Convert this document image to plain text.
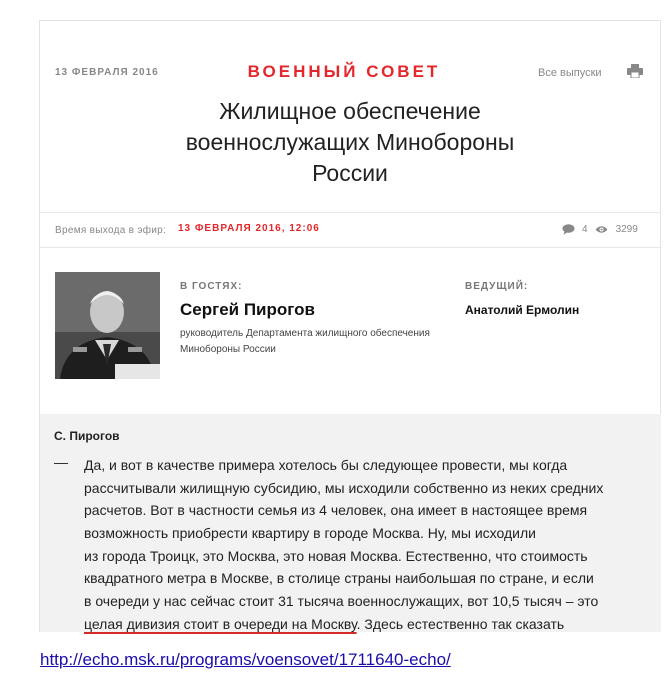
13 ФЕВРАЛЯ 2016	ВОЕННЫЙ СОВЕТ	Все выпуски
Жилищное обеспечение военнослужащих Минобороны России
Время выхода в эфир: 13 ФЕВРАЛЯ 2016, 12:06	4	3299
В ГОСТЯХ:
Сергей Пирогов
руководитель Департамента жилищного обеспечения Минобороны России
ВЕДУЩИЙ:
Анатолий Ермолин
С. Пирогов
— Да, и вот в качестве примера хотелось бы следующее провести, мы когда
рассчитывали жилищную субсидию, мы исходили собственно из неких средних
расчетов. Вот в частности семья из 4 человек, она имеет в настоящее время
возможность приобрести квартиру в городе Москва. Ну, мы исходили
из города Троицк, это Москва, это новая Москва. Естественно, что стоимость
квадратного метра в Москве, в столице страны наибольшая по стране, и если
в очереди у нас сейчас стоит 31 тысяча военнослужащих, вот 10,5 тысяч – это
целая дивизия стоит в очереди на Москву. Здесь естественно так сказать
http://echo.msk.ru/programs/voensovet/1711640-echo/
